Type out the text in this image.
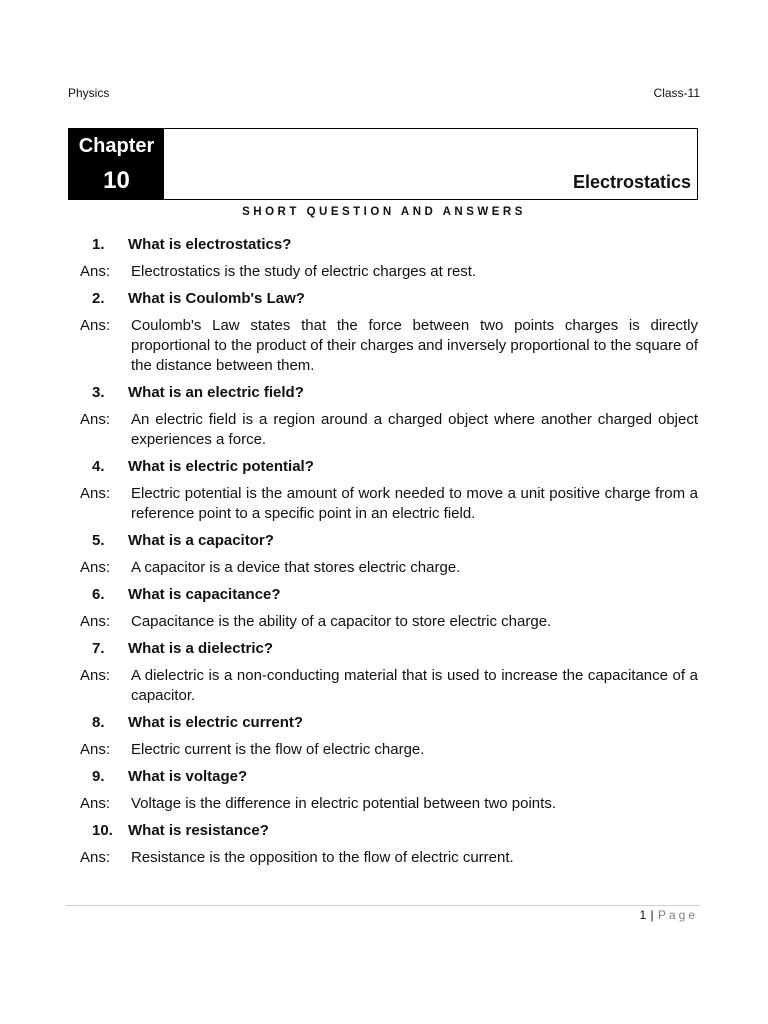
Physics	Class-11
Chapter
10	Electrostatics
SHORT QUESTION AND ANSWERS
1.	What is electrostatics?
Ans:	Electrostatics is the study of electric charges at rest.
2.	What is Coulomb's Law?
Ans:	Coulomb's Law states that the force between two points charges is directly proportional to the product of their charges and inversely proportional to the square of the distance between them.
3.	What is an electric field?
Ans:	An electric field is a region around a charged object where another charged object experiences a force.
4.	What is electric potential?
Ans:	Electric potential is the amount of work needed to move a unit positive charge from a reference point to a specific point in an electric field.
5.	What is a capacitor?
Ans:	A capacitor is a device that stores electric charge.
6.	What is capacitance?
Ans:	Capacitance is the ability of a capacitor to store electric charge.
7.	What is a dielectric?
Ans:	A dielectric is a non-conducting material that is used to increase the capacitance of a capacitor.
8.	What is electric current?
Ans:	Electric current is the flow of electric charge.
9.	What is voltage?
Ans:	Voltage is the difference in electric potential between two points.
10.	What is resistance?
Ans:	Resistance is the opposition to the flow of electric current.
1 | Page
